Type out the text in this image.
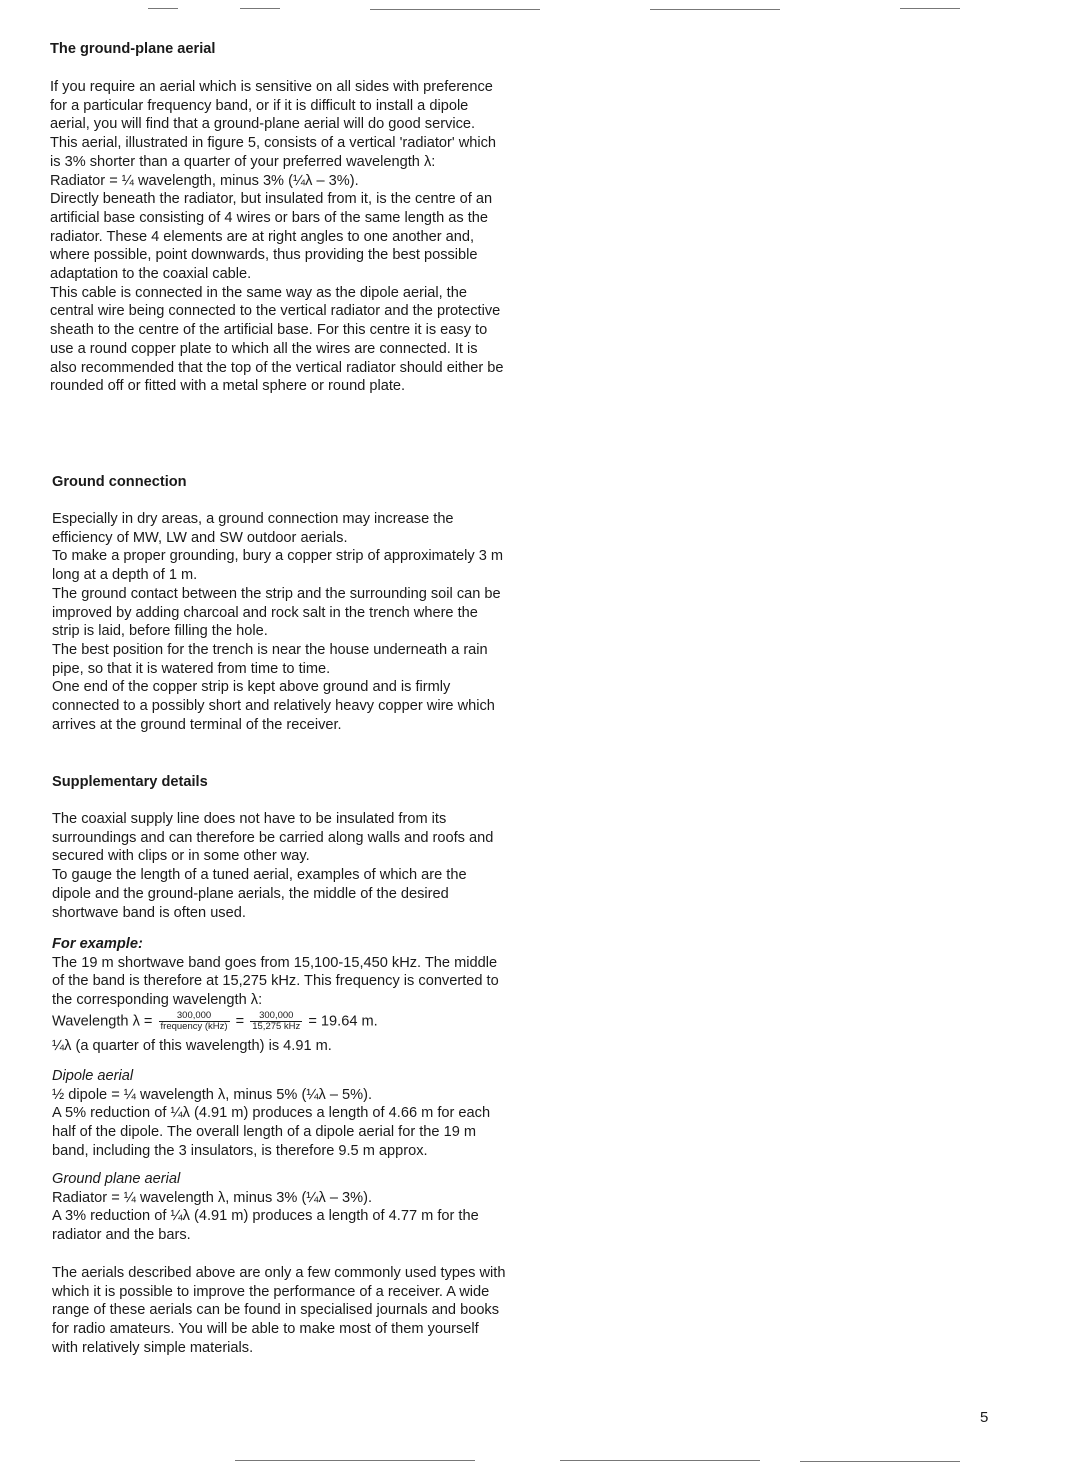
The ground-plane aerial

If you require an aerial which is sensitive on all sides with preference for a particular frequency band, or if it is difficult to install a dipole aerial, you will find that a ground-plane aerial will do good service. This aerial, illustrated in figure 5, consists of a vertical 'radiator' which is 3% shorter than a quarter of your preferred wavelength λ:

Radiator = ¼ wavelength, minus 3% (¼λ – 3%).

Directly beneath the radiator, but insulated from it, is the centre of an artificial base consisting of 4 wires or bars of the same length as the radiator. These 4 elements are at right angles to one another and, where possible, point downwards, thus providing the best possible adaptation to the coaxial cable.

This cable is connected in the same way as the dipole aerial, the central wire being connected to the vertical radiator and the protective sheath to the centre of the artificial base. For this centre it is easy to use a round copper plate to which all the wires are connected. It is also recommended that the top of the vertical radiator should either be rounded off or fitted with a metal sphere or round plate.

Ground connection

Especially in dry areas, a ground connection may increase the efficiency of MW, LW and SW outdoor aerials.

To make a proper grounding, bury a copper strip of approximately 3 m long at a depth of 1 m.

The ground contact between the strip and the surrounding soil can be improved by adding charcoal and rock salt in the trench where the strip is laid, before filling the hole.

The best position for the trench is near the house underneath a rain pipe, so that it is watered from time to time.

One end of the copper strip is kept above ground and is firmly connected to a possibly short and relatively heavy copper wire which arrives at the ground terminal of the receiver.

Supplementary details

The coaxial supply line does not have to be insulated from its surroundings and can therefore be carried along walls and roofs and secured with clips or in some other way.

To gauge the length of a tuned aerial, examples of which are the dipole and the ground-plane aerials, the middle of the desired shortwave band is often used.

For example:

The 19 m shortwave band goes from 15,100-15,450 kHz. The middle of the band is therefore at 15,275 kHz. This frequency is converted to the corresponding wavelength λ:

Wavelength $\lambda = \frac{300,000}{\text{frequency (kHz)}} = \frac{300,000}{\text{15,275 kHz}} = 19.64$ m.

¼λ (a quarter of this wavelength) is 4.91 m.

Dipole aerial

½ dipole = ¼ wavelength λ, minus 5% (¼λ – 5%).

A 5% reduction of ¼λ (4.91 m) produces a length of 4.66 m for each half of the dipole. The overall length of a dipole aerial for the 19 m band, including the 3 insulators, is therefore 9.5 m approx.

Ground plane aerial

Radiator = ¼ wavelength λ, minus 3% (¼λ – 3%).

A 3% reduction of ¼λ (4.91 m) produces a length of 4.77 m for the radiator and the bars.

The aerials described above are only a few commonly used types with which it is possible to improve the performance of a receiver. A wide range of these aerials can be found in specialised journals and books for radio amateurs. You will be able to make most of them yourself with relatively simple materials.

5
